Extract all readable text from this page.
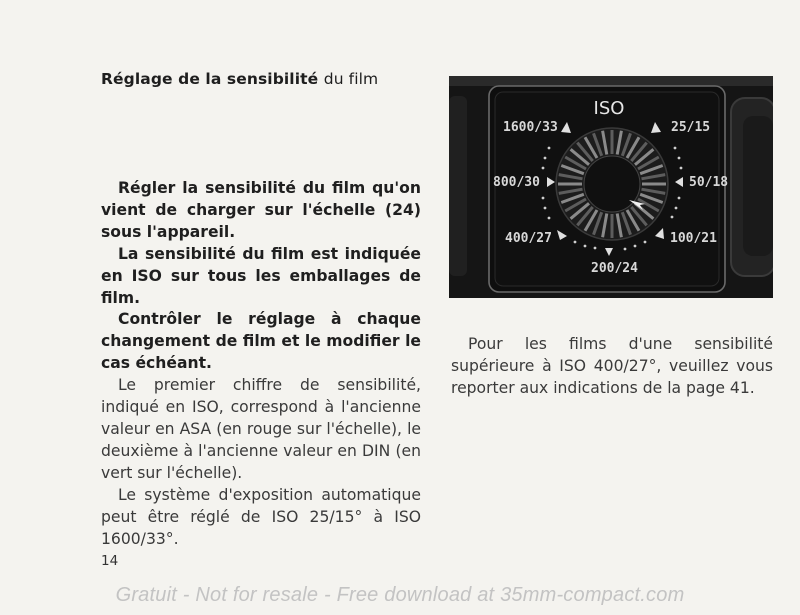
Réglage de la sensibilité du film

Régler la sensibilité du film qu'on vient de charger sur l'échelle (24) sous l'appareil.

La sensibilité du film est indiquée en ISO sur tous les emballages de film.

Contrôler le réglage à chaque changement de film et le modifier le cas échéant.

Le premier chiffre de sensibilité, indiqué en ISO, correspond à l'ancienne valeur en ASA (en rouge sur l'échelle), le deuxième à l'ancienne valeur en DIN (en vert sur l'échelle).

Le système d'exposition automatique peut être réglé de ISO 25/15° à ISO 1600/33°.

14
ISO
1600/33	25/15
800/30	50/18
400/27	100/21
200/24

Pour les films d'une sensibilité supérieure à ISO 400/27°, veuillez vous reporter aux indications de la page 41.

Gratuit - Not for resale - Free download at 35mm-compact.com
